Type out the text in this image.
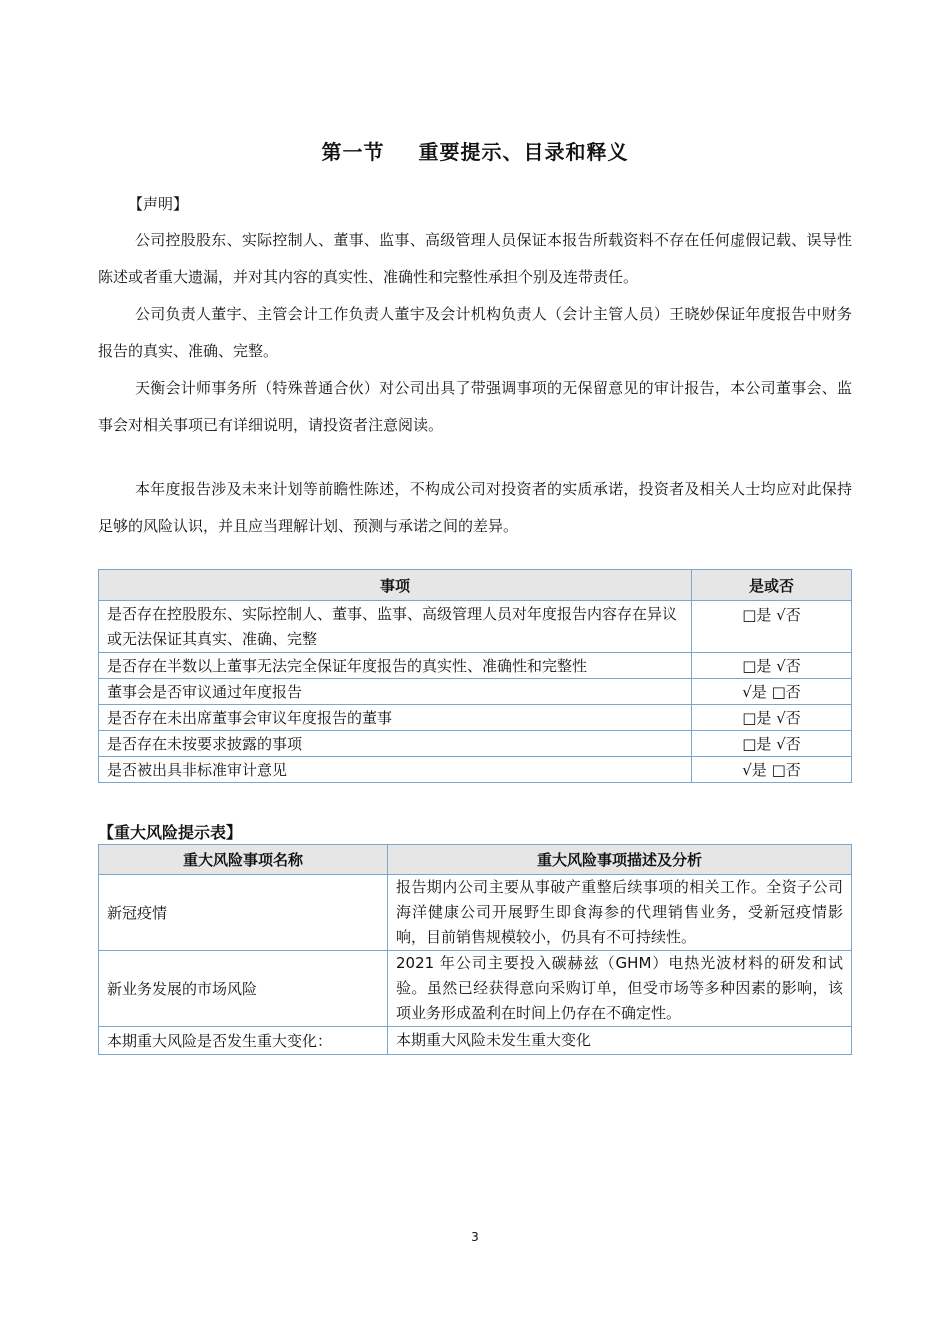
第一节 重要提示、目录和释义
【声明】
公司控股股东、实际控制人、董事、监事、高级管理人员保证本报告所载资料不存在任何虚假记载、误导性陈述或者重大遗漏，并对其内容的真实性、准确性和完整性承担个别及连带责任。
公司负责人董宇、主管会计工作负责人董宇及会计机构负责人（会计主管人员）王晓妙保证年度报告中财务报告的真实、准确、完整。
天衡会计师事务所（特殊普通合伙）对公司出具了带强调事项的无保留意见的审计报告，本公司董事会、监事会对相关事项已有详细说明，请投资者注意阅读。
本年度报告涉及未来计划等前瞻性陈述，不构成公司对投资者的实质承诺，投资者及相关人士均应对此保持足够的风险认识，并且应当理解计划、预测与承诺之间的差异。
事项	是或否
是否存在控股股东、实际控制人、董事、监事、高级管理人员对年度报告内容存在异议或无法保证其真实、准确、完整	□是 √否
是否存在半数以上董事无法完全保证年度报告的真实性、准确性和完整性	□是 √否
董事会是否审议通过年度报告	√是 □否
是否存在未出席董事会审议年度报告的董事	□是 √否
是否存在未按要求披露的事项	□是 √否
是否被出具非标准审计意见	√是 □否
【重大风险提示表】
重大风险事项名称	重大风险事项描述及分析
新冠疫情	报告期内公司主要从事破产重整后续事项的相关工作。全资子公司海洋健康公司开展野生即食海参的代理销售业务，受新冠疫情影响，目前销售规模较小，仍具有不可持续性。
新业务发展的市场风险	2021 年公司主要投入碳赫兹（GHM）电热光波材料的研发和试验。虽然已经获得意向采购订单，但受市场等多种因素的影响，该项业务形成盈利在时间上仍存在不确定性。
本期重大风险是否发生重大变化：	本期重大风险未发生重大变化
3
